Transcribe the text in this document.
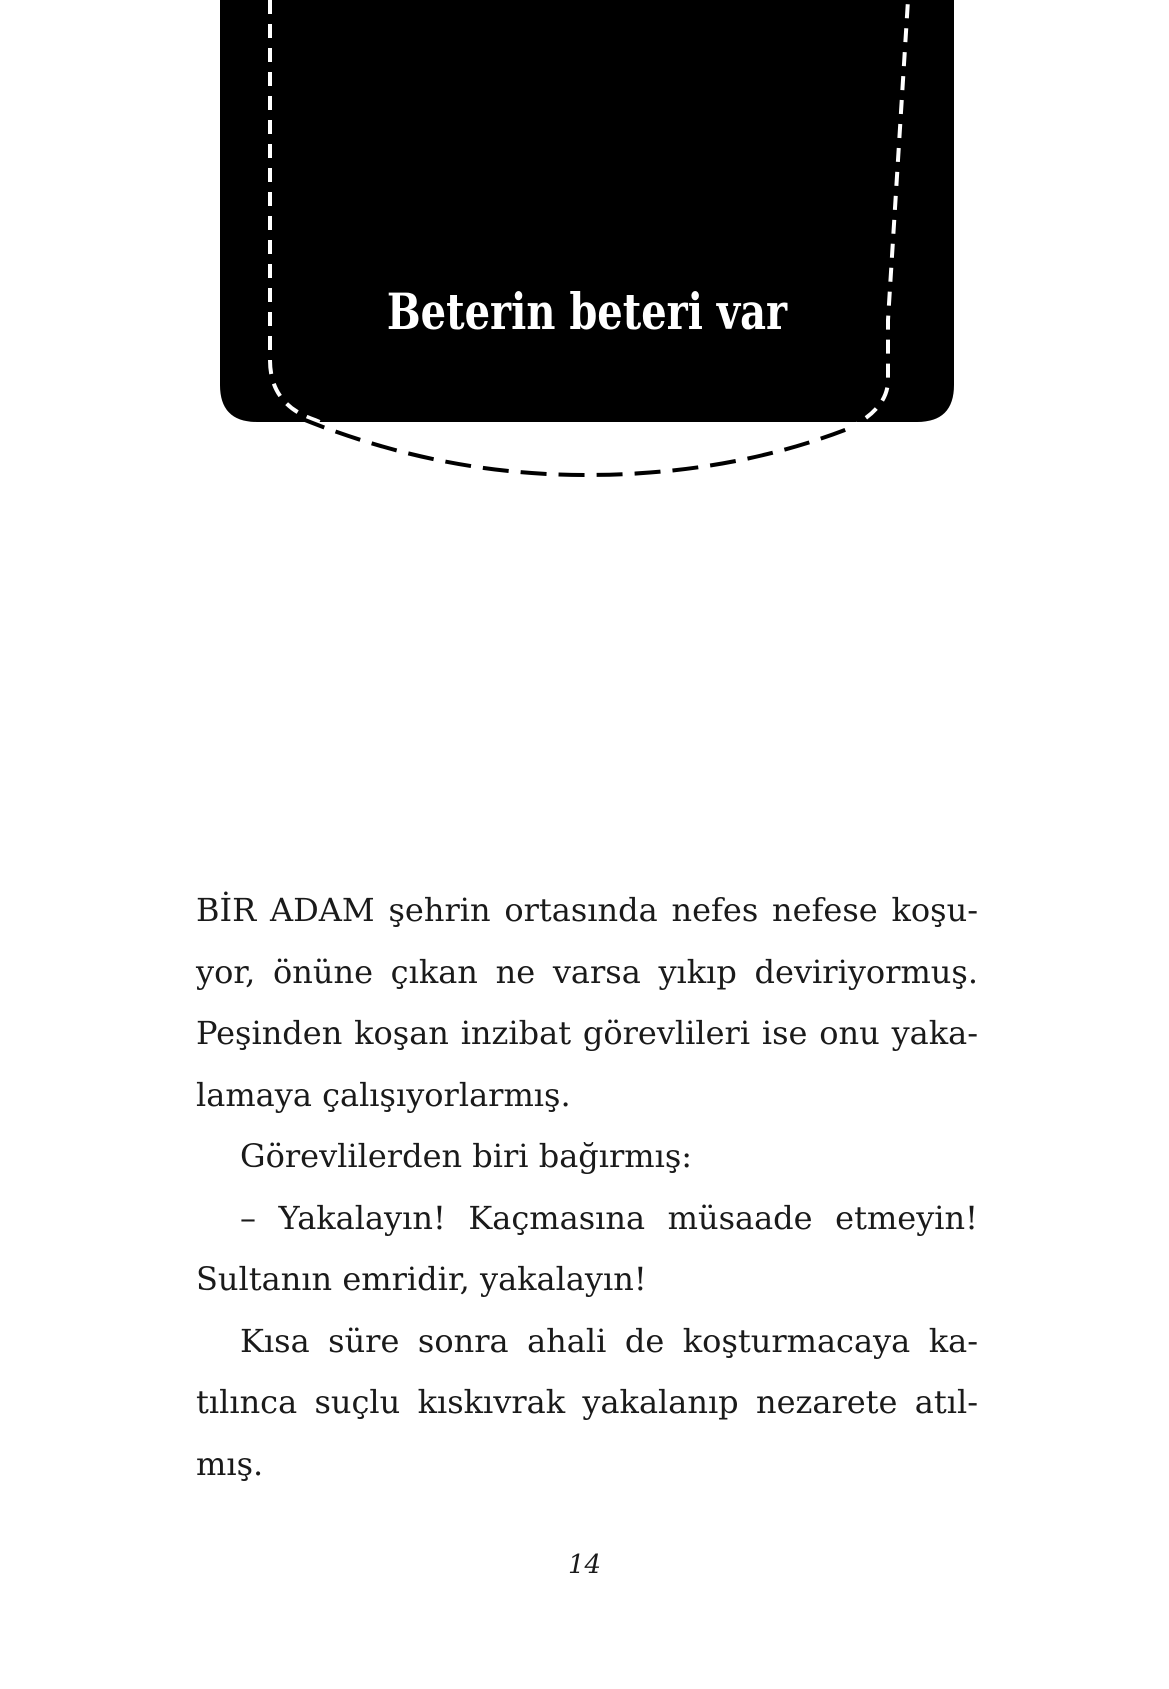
Beterin beteri var

BİR ADAM şehrin ortasında nefes nefese koşu-

yor, önüne çıkan ne varsa yıkıp deviriyormuş.

Peşinden koşan inzibat görevlileri ise onu yaka-

lamaya çalışıyorlarmış.

Görevlilerden biri bağırmış:

– Yakalayın! Kaçmasına müsaade etmeyin!

Sultanın emridir, yakalayın!

Kısa süre sonra ahali de koşturmacaya ka-

tılınca suçlu kıskıvrak yakalanıp nezarete atıl-

mış.

14
